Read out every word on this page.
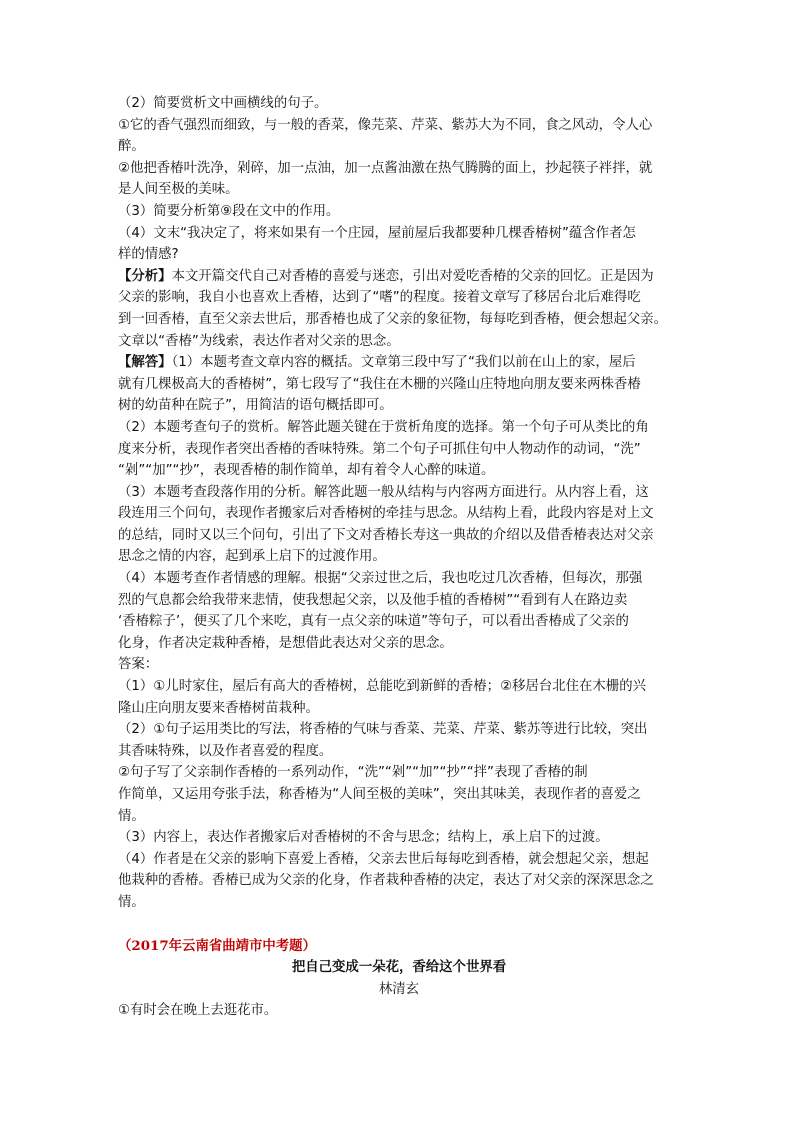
（2）简要赏析文中画横线的句子。

①它的香气强烈而细致，与一般的香菜，像芫菜、芹菜、紫苏大为不同，食之风动，令人心

醉。

②他把香椿叶洗净，剁碎，加一点油，加一点酱油激在热气腾腾的面上，抄起筷子袢拌，就

是人间至极的美味。

（3）简要分析第⑨段在文中的作用。

（4）文末“我决定了，将来如果有一个庄园，屋前屋后我都要种几棵香椿树”蕴含作者怎

样的情感?

【分析】本文开篇交代自己对香椿的喜爱与迷恋，引出对爱吃香椿的父亲的回忆。正是因为

父亲的影响，我自小也喜欢上香椿，达到了“嗜”的程度。接着文章写了移居台北后难得吃

到一回香椿，直至父亲去世后，那香椿也成了父亲的象征物，每每吃到香椿，便会想起父亲。

文章以“香椿”为线索，表达作者对父亲的思念。

【解答】（1）本题考查文章内容的概括。文章第三段中写了“我们以前在山上的家，屋后

就有几棵极高大的香椿树”，第七段写了“我住在木栅的兴隆山庄特地向朋友要来两株香椿

树的幼苗种在院子”，用简洁的语句概括即可。

（2）本题考查句子的赏析。解答此题关键在于赏析角度的选择。第一个句子可从类比的角

度来分析，表现作者突出香椿的香味特殊。第二个句子可抓住句中人物动作的动词，“洗”

“剁”“加”“抄”，表现香椿的制作简单，却有着令人心醉的味道。

（3）本题考查段落作用的分析。解答此题一般从结构与内容两方面进行。从内容上看，这

段连用三个问句，表现作者搬家后对香椿树的牵挂与思念。从结构上看，此段内容是对上文

的总结，同时又以三个问句，引出了下文对香椿长寿这一典故的介绍以及借香椿表达对父亲

思念之情的内容，起到承上启下的过渡作用。

（4）本题考查作者情感的理解。根据“父亲过世之后，我也吃过几次香椿，但每次，那强

烈的气息都会给我带来悲情，使我想起父亲，以及他手植的香椿树”“看到有人在路边卖

‘香椿粽子’，便买了几个来吃，真有一点父亲的味道”等句子，可以看出香椿成了父亲的

化身，作者决定栽种香椿，是想借此表达对父亲的思念。

答案：

（1）①儿时家住，屋后有高大的香椿树，总能吃到新鲜的香椿；②移居台北住在木栅的兴

隆山庄向朋友要来香椿树苗栽种。

（2）①句子运用类比的写法，将香椿的气味与香菜、芫菜、芹菜、紫苏等进行比较，突出

其香味特殊，以及作者喜爱的程度。

②句子写了父亲制作香椿的一系列动作，“洗”“剁”“加”“抄”“拌”表现了香椿的制

作简单，又运用夸张手法，称香椿为“人间至极的美味”，突出其味美，表现作者的喜爱之

情。

（3）内容上，表达作者搬家后对香椿树的不舍与思念；结构上，承上启下的过渡。

（4）作者是在父亲的影响下喜爱上香椿，父亲去世后每每吃到香椿，就会想起父亲，想起

他栽种的香椿。香椿已成为父亲的化身，作者栽种香椿的决定，表达了对父亲的深深思念之

情。

（2017年云南省曲靖市中考题）

把自己变成一朵花，香给这个世界看

林清玄

①有时会在晚上去逛花市。
